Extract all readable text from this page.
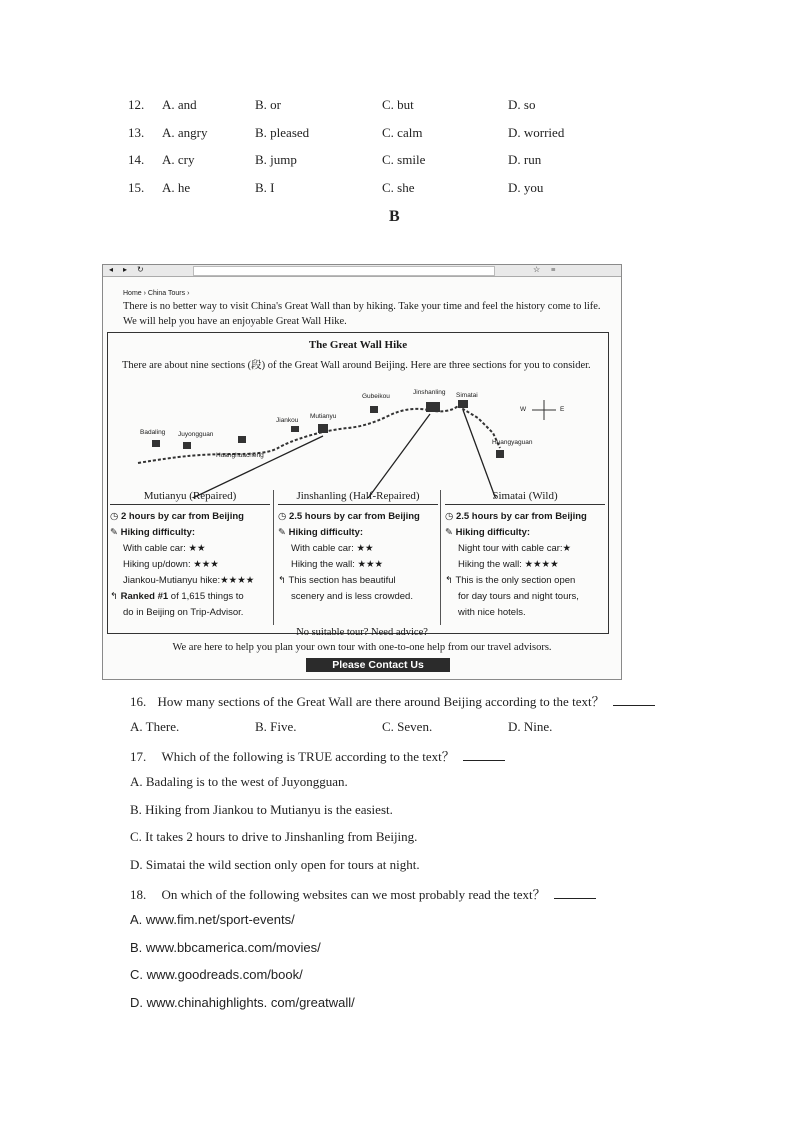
12. A. and	B. or	C. but	D. so
13. A. angry	B. pleased	C. calm	D. worried
14. A. cry	B. jump	C. smile	D. run
15. A. he	B. I	C. she	D. you
B
◂ ▸ ↻	☆ ≡
Home › China Tours ›
There is no better way to visit China's Great Wall than by hiking. Take your time and feel the history come to life. We will help you have an enjoyable Great Wall Hike.
The Great Wall Hike
There are about nine sections (段) of the Great Wall around Beijing. Here are three sections for you to consider.
Badaling Juyongguan
Huanghuacheng
Jiankou
Mutianyu
Gubeikou
Jinshanling Simatai
Huangyaguan
W	E
Mutianyu (Repaired)
◷ 2 hours by car from Beijing
✎ Hiking difficulty:
With cable car: ★★
Hiking up/down: ★★★
Jiankou-Mutianyu hike:★★★★
↰ Ranked #1 of 1,615 things to
do in Beijing on Trip-Advisor.
Jinshanling (Half-Repaired)
◷ 2.5 hours by car from Beijing
✎ Hiking difficulty:
With cable car: ★★
Hiking the wall: ★★★
↰ This section has beautiful
scenery and is less crowded.
Simatai (Wild)
◷ 2.5 hours by car from Beijing
✎ Hiking difficulty:
Night tour with cable car:★
Hiking the wall: ★★★★
↰ This is the only section open
for day tours and night tours,
with nice hotels.
No suitable tour? Need advice?
We are here to help you plan your own tour with one-to-one help from our travel advisors.
Please Contact Us
16. How many sections of the Great Wall are there around Beijing according to the text？
A. There.	B. Five.	C. Seven.	D. Nine.
17. Which of the following is TRUE according to the text？
A. Badaling is to the west of Juyongguan.
B. Hiking from Jiankou to Mutianyu is the easiest.
C. It takes 2 hours to drive to Jinshanling from Beijing.
D. Simatai the wild section only open for tours at night.
18. On which of the following websites can we most probably read the text？
A. www.fim.net/sport-events/
B. www.bbcamerica.com/movies/
C. www.goodreads.com/book/
D. www.chinahighlights. com/greatwall/
